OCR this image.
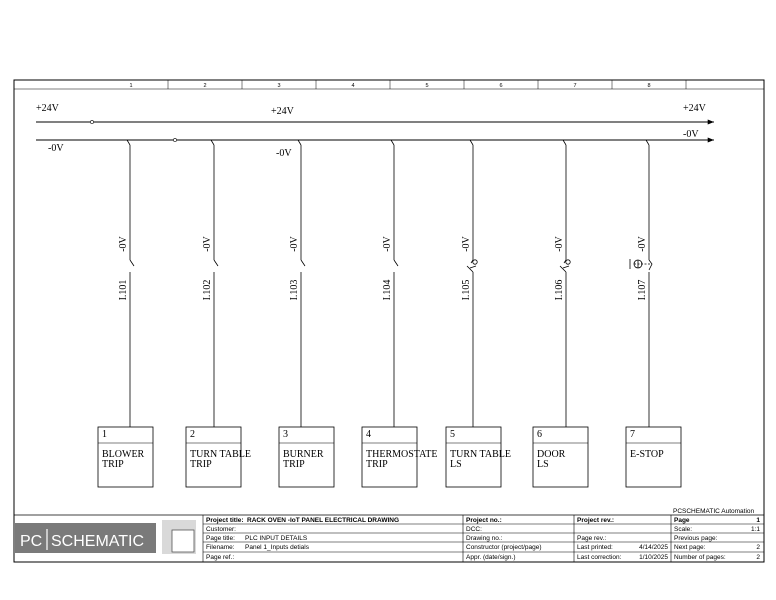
1	2	3	4	5	6	7	8
+24V	+24V	+24V
-0V	-0V
-0V
-0V
I.101
1
BLOWER
TRIP
-0V
I.102
2
TURN TABLE
TRIP
-0V
I.103
3
BURNER
TRIP
-0V
I.104
4
THERMOSTATE
TRIP
-0V
I.105
5
TURN TABLE
LS
-0V
I.106
6
DOOR
LS
-0V
I.107
7
E-STOP
PCSCHEMATIC Automation
PC SCHEMATIC
Project title: RACK OVEN -IoT PANEL ELECTRICAL DRAWING
Customer:
Page title: PLC INPUT DETAILS
Filename: Panel 1_Inputs detials
Page ref.:
Project no.:
DCC:
Drawing no.:
Constructor (project/page)
Appr. (date/sign.)
Project rev.:
Page rev.:
Last printed:	4/14/2025
Last correction:	1/10/2025
Page	1
Scale:	1:1
Previous page:
Next page:	2
Number of pages:	2
